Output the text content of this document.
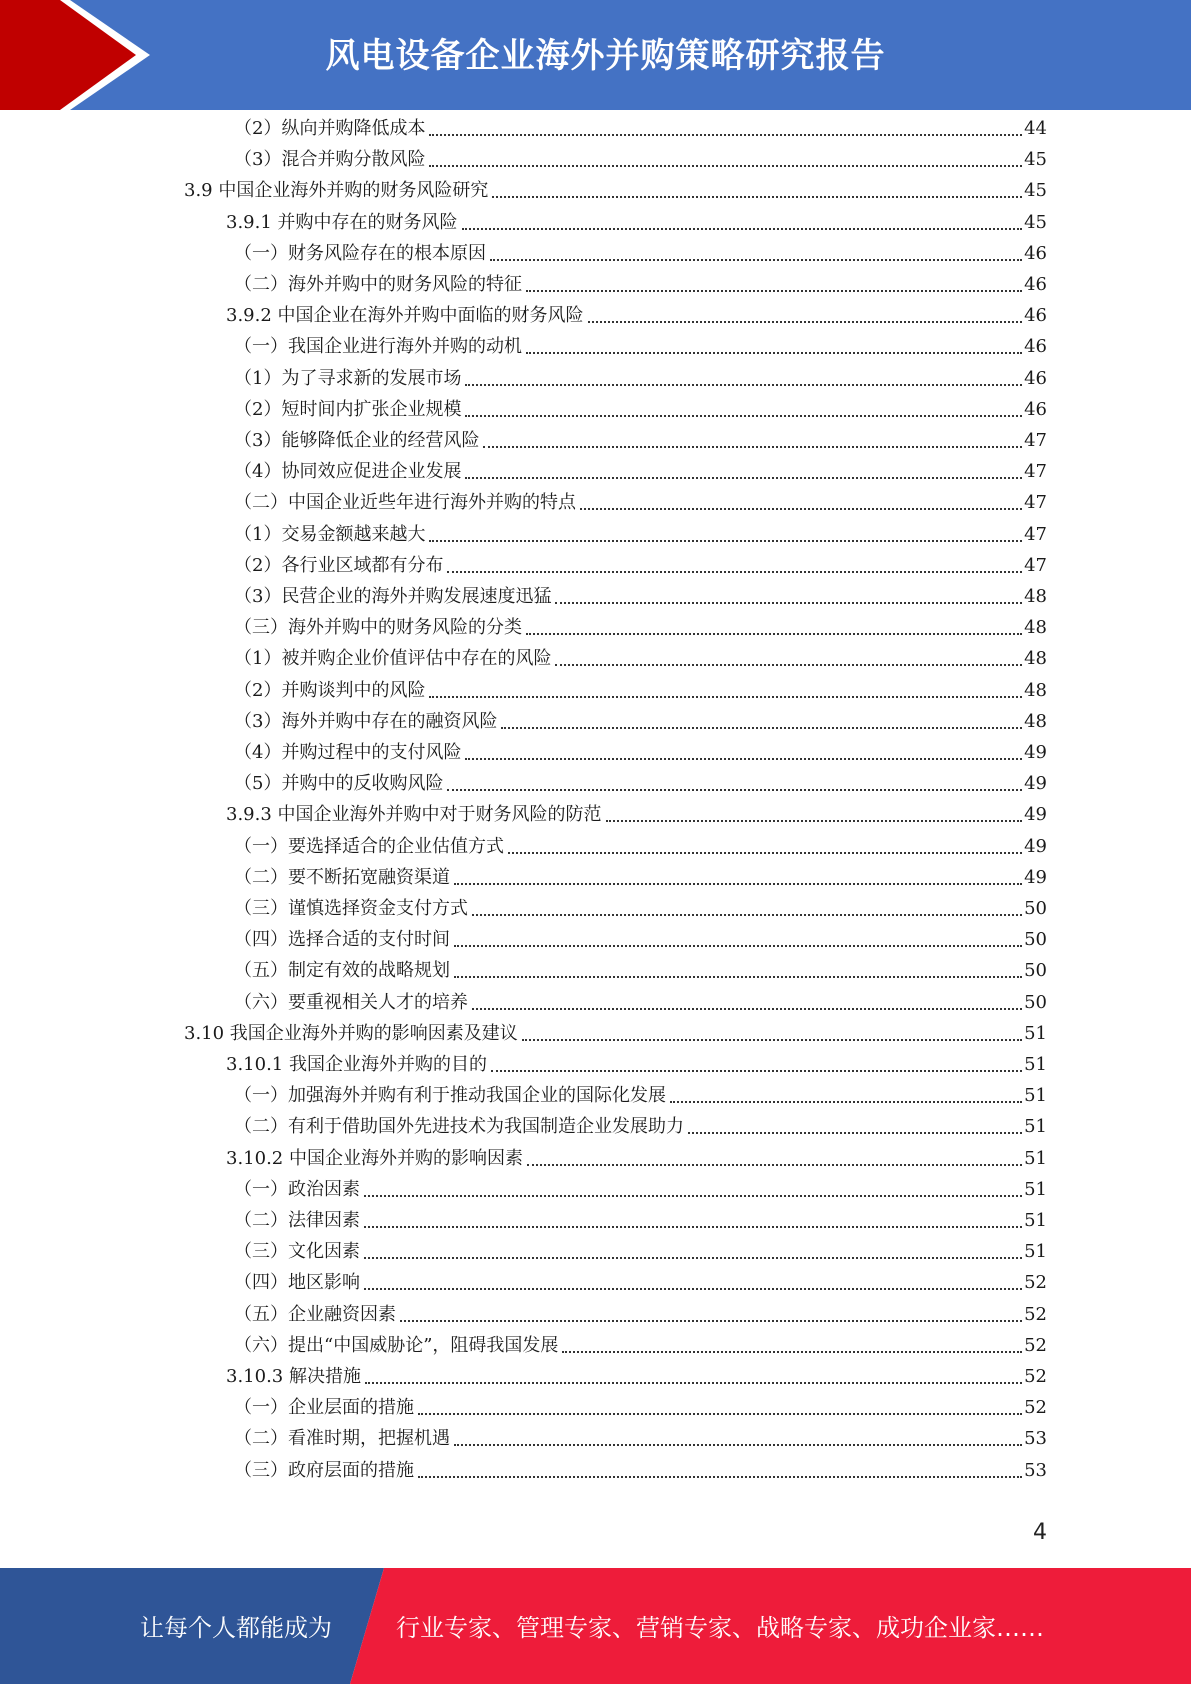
风电设备企业海外并购策略研究报告
（2）纵向并购降低成本	44
（3）混合并购分散风险	45
3.9 中国企业海外并购的财务风险研究	45
3.9.1 并购中存在的财务风险	45
（一）财务风险存在的根本原因	46
（二）海外并购中的财务风险的特征	46
3.9.2 中国企业在海外并购中面临的财务风险	46
（一）我国企业进行海外并购的动机	46
（1）为了寻求新的发展市场	46
（2）短时间内扩张企业规模	46
（3）能够降低企业的经营风险	47
（4）协同效应促进企业发展	47
（二）中国企业近些年进行海外并购的特点	47
（1）交易金额越来越大	47
（2）各行业区域都有分布	47
（3）民营企业的海外并购发展速度迅猛	48
（三）海外并购中的财务风险的分类	48
（1）被并购企业价值评估中存在的风险	48
（2）并购谈判中的风险	48
（3）海外并购中存在的融资风险	48
（4）并购过程中的支付风险	49
（5）并购中的反收购风险	49
3.9.3 中国企业海外并购中对于财务风险的防范	49
（一）要选择适合的企业估值方式	49
（二）要不断拓宽融资渠道	49
（三）谨慎选择资金支付方式	50
（四）选择合适的支付时间	50
（五）制定有效的战略规划	50
（六）要重视相关人才的培养	50
3.10 我国企业海外并购的影响因素及建议	51
3.10.1 我国企业海外并购的目的	51
（一）加强海外并购有利于推动我国企业的国际化发展	51
（二）有利于借助国外先进技术为我国制造企业发展助力	51
3.10.2 中国企业海外并购的影响因素	51
（一）政治因素	51
（二）法律因素	51
（三）文化因素	51
（四）地区影响	52
（五）企业融资因素	52
（六）提出“中国威胁论”，阻碍我国发展	52
3.10.3 解决措施	52
（一）企业层面的措施	52
（二）看准时期，把握机遇	53
（三）政府层面的措施	53
4
让每个人都能成为	行业专家、管理专家、营销专家、战略专家、成功企业家……
